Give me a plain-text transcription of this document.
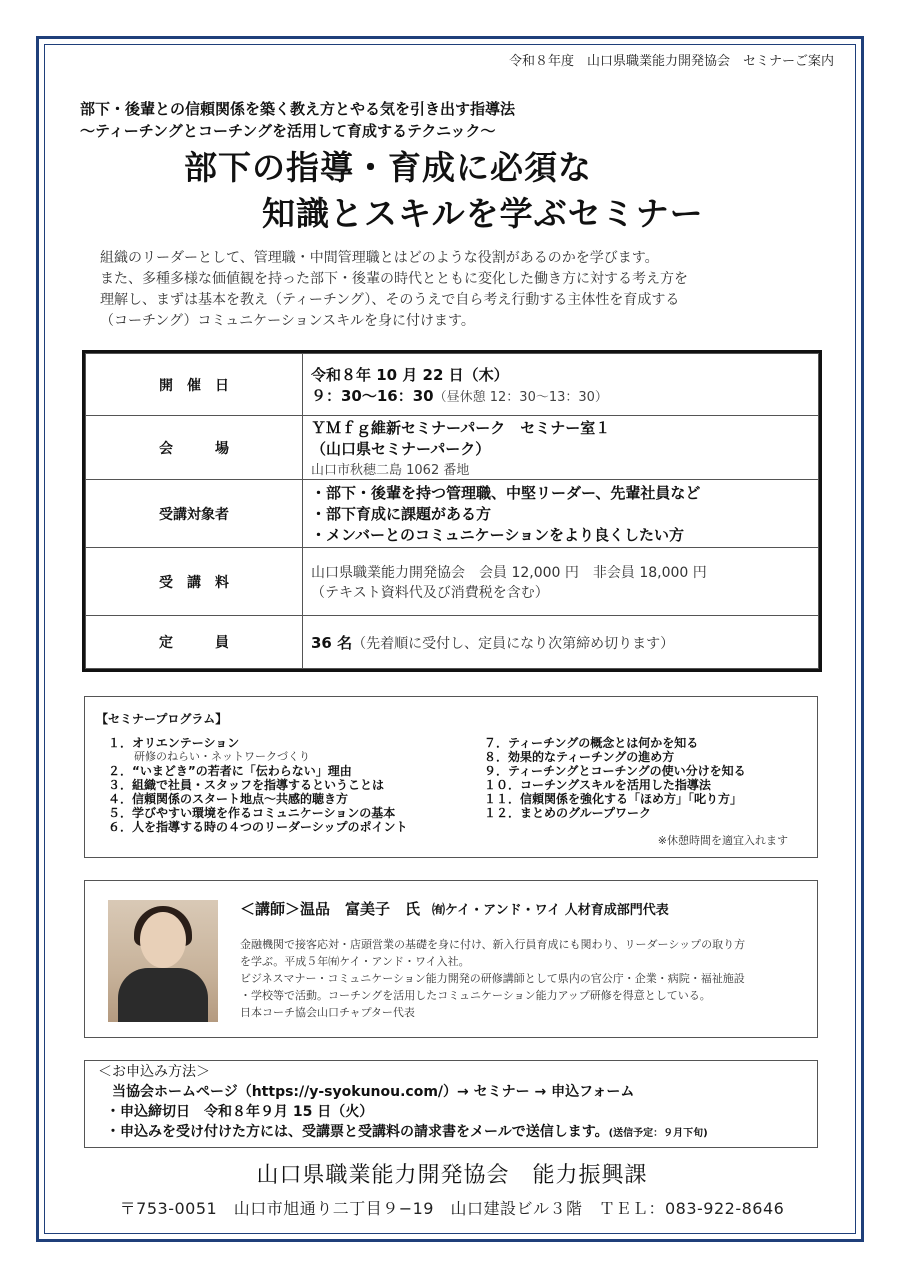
令和８年度　山口県職業能力開発協会　セミナーご案内
部下・後輩との信頼関係を築く教え方とやる気を引き出す指導法
～ティーチングとコーチングを活用して育成するテクニック～
部下の指導・育成に必須な
知識とスキルを学ぶセミナー

組織のリーダーとして、管理職・中間管理職とはどのような役割があるのかを学びます。

また、多種多様な価値観を持った部下・後輩の時代とともに変化した働き方に対する考え方を

理解し、まずは基本を教え（ティーチング）、そのうえで自ら考え行動する主体性を育成する

（コーチング）コミュニケーションスキルを身に付けます。

開　催　日	令和８年 10 月 22 日（木）
９：30～16：30（昼休憩 12：30～13：30）

会　　　場	ＹＭｆｇ維新セミナーパーク　セミナー室１
（山口県セミナーパーク）
山口市秋穂二島 1062 番地

受講対象者	・部下・後輩を持つ管理職、中堅リーダー、先輩社員など
・部下育成に課題がある方
・メンバーとのコミュニケーションをより良くしたい方

受　講　料	山口県職業能力開発協会　会員 12,000 円　非会員 18,000 円
（テキスト資料代及び消費税を含む）

定　　　員	36 名（先着順に受付し、定員になり次第締め切ります）
【セミナープログラム】
１．オリエンテーション
研修のねらい・ネットワークづくり
２．“いまどき”の若者に「伝わらない」理由
３．組織で社員・スタッフを指導するということは
４．信頼関係のスタート地点～共感的聴き方
５．学びやすい環境を作るコミュニケーションの基本
６．人を指導する時の４つのリーダーシップのポイント
７．ティーチングの概念とは何かを知る
８．効果的なティーチングの進め方
９．ティーチングとコーチングの使い分けを知る
１０．コーチングスキルを活用した指導法
１１．信頼関係を強化する「ほめ方」「叱り方」
１２．まとめのグループワーク
※休憩時間を適宜入れます
＜講師＞温品　富美子　氏 ㈲ケイ・アンド・ワイ 人材育成部門代表

金融機関で接客応対・店頭営業の基礎を身に付け、新入行員育成にも関わり、リーダーシップの取り方

を学ぶ。平成５年㈲ケイ・アンド・ワイ入社。

ビジネスマナー・コミュニケーション能力開発の研修講師として県内の官公庁・企業・病院・福祉施設

・学校等で活動。コーチングを活用したコミュニケーション能力アップ研修を得意としている。

日本コーチ協会山口チャプター代表

＜お申込み方法＞
当協会ホームページ（https://y-syokunou.com/）→ セミナー → 申込フォーム
・申込締切日　令和８年９月 15 日（火）
・申込みを受け付けた方には、受講票と受講料の請求書をメールで送信します。(送信予定：９月下旬)
山口県職業能力開発協会　能力振興課
〒753-0051　山口市旭通り二丁目９−19　山口建設ビル３階　ＴＥＬ：083-922-8646
